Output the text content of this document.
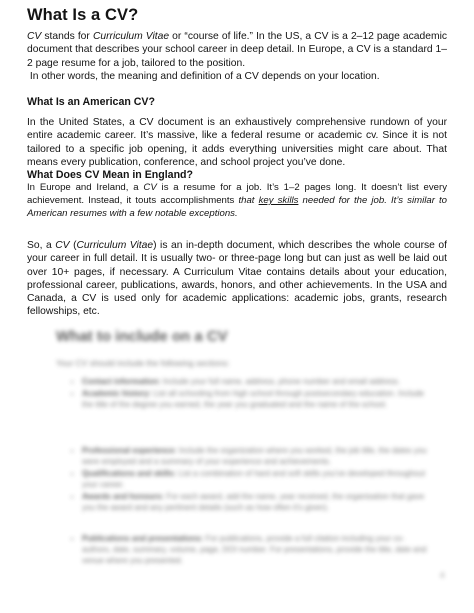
What Is a CV?

CV stands for Curriculum Vitae or “course of life.” In the US, a CV is a 2–12 page academic document that describes your school career in deep detail. In Europe, a CV is a standard 1–2 page resume for a job, tailored to the position.
In other words, the meaning and definition of a CV depends on your location.

What Is an American CV?

In the United States, a CV document is an exhaustively comprehensive rundown of your entire academic career. It’s massive, like a federal resume or academic cv. Since it is not tailored to a specific job opening, it adds everything universities might care about. That means every publication, conference, and school project you’ve done.

What Does CV Mean in England?

In Europe and Ireland, a CV is a resume for a job. It’s 1–2 pages long. It doesn’t list every achievement. Instead, it touts accomplishments that key skills needed for the job. It’s similar to American resumes with a few notable exceptions.

So, a CV (Curriculum Vitae) is an in-depth document, which describes the whole course of your career in full detail. It is usually two- or three-page long but can just as well be laid out over 10+ pages, if necessary. A Curriculum Vitae contains details about your education, professional career, publications, awards, honors, and other achievements. In the USA and Canada, a CV is used only for academic applications: academic jobs, grants, research fellowships, etc.

What to include on a CV

Your CV should include the following sections:

• Contact information: Include your full name, address, phone number and email address.
• Academic history: List all schooling from high school through postsecondary education. Include the title of the degree you earned, the year you graduated and the name of the school.
• Professional experience: Include the organization where you worked, the job title, the dates you were employed and a summary of your experience and achievements.
• Qualifications and skills: List a combination of hard and soft skills you've developed throughout your career.
• Awards and honours: For each award, add the name, year received, the organisation that gave you the award and any pertinent details (such as how often it's given).
• Publications and presentations: For publications, provide a full citation including your co-authors, date, summary, volume, page, DOI number. For presentations, provide the title, date and venue where you presented.
4
